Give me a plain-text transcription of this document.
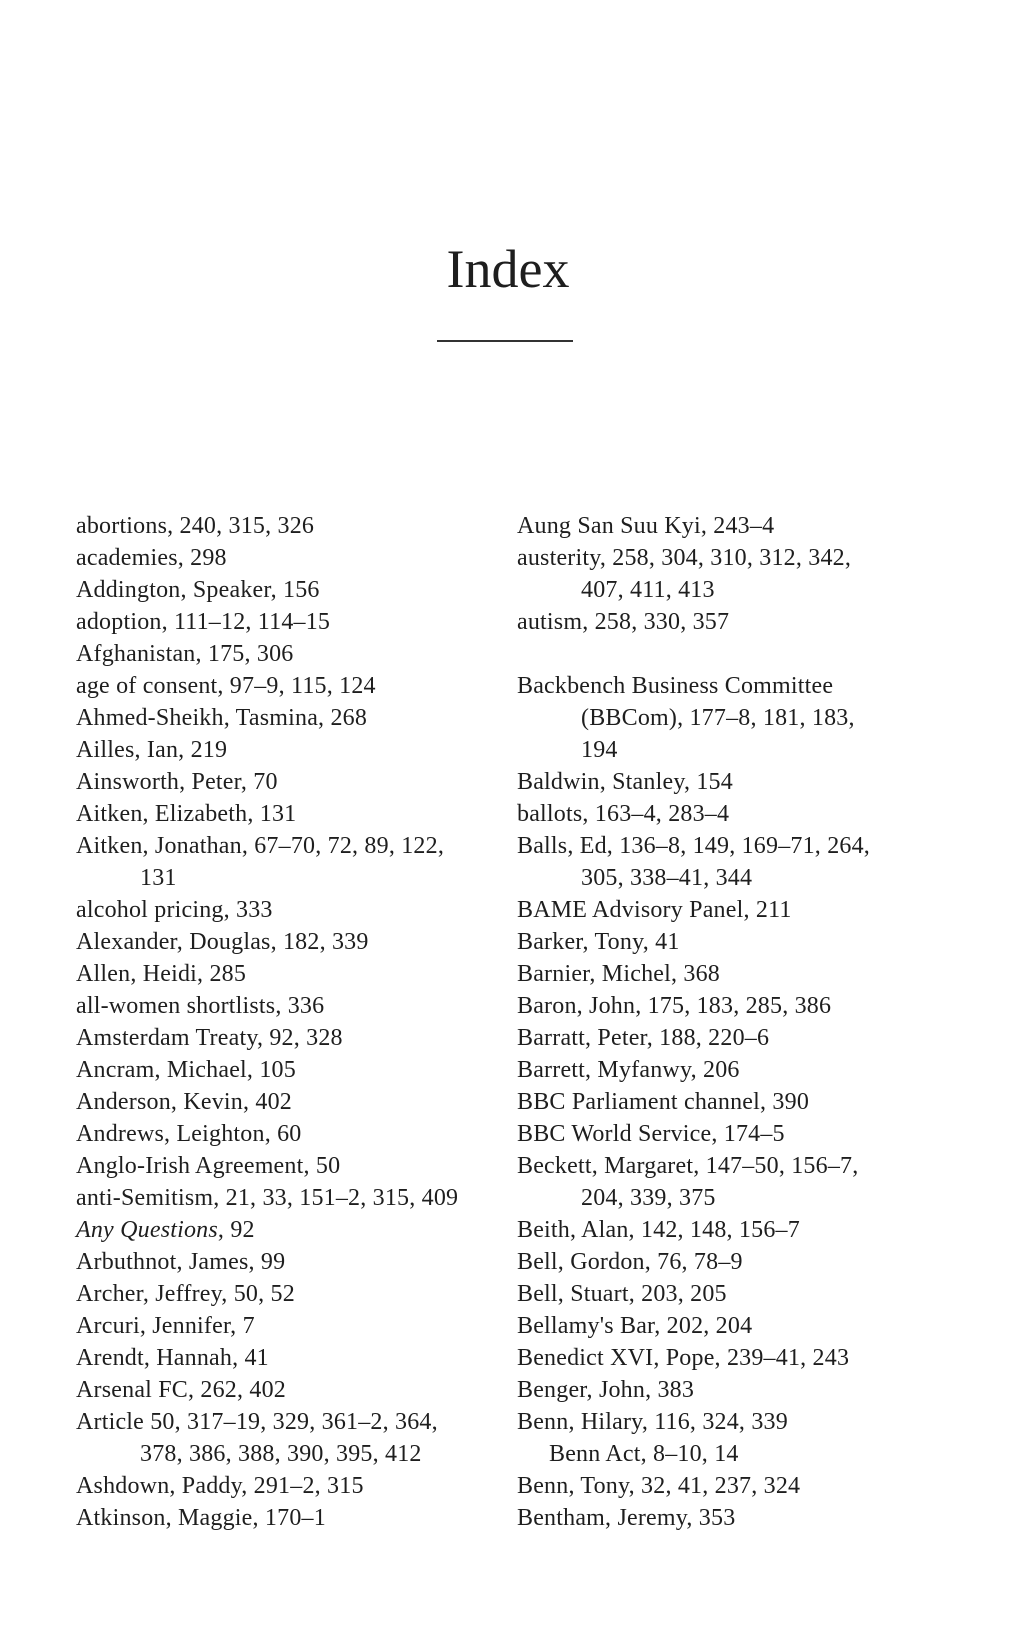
Index
abortions, 240, 315, 326
academies, 298
Addington, Speaker, 156
adoption, 111–12, 114–15
Afghanistan, 175, 306
age of consent, 97–9, 115, 124
Ahmed-Sheikh, Tasmina, 268
Ailles, Ian, 219
Ainsworth, Peter, 70
Aitken, Elizabeth, 131
Aitken, Jonathan, 67–70, 72, 89, 122,
131
alcohol pricing, 333
Alexander, Douglas, 182, 339
Allen, Heidi, 285
all-women shortlists, 336
Amsterdam Treaty, 92, 328
Ancram, Michael, 105
Anderson, Kevin, 402
Andrews, Leighton, 60
Anglo-Irish Agreement, 50
anti-Semitism, 21, 33, 151–2, 315, 409
Any Questions, 92
Arbuthnot, James, 99
Archer, Jeffrey, 50, 52
Arcuri, Jennifer, 7
Arendt, Hannah, 41
Arsenal FC, 262, 402
Article 50, 317–19, 329, 361–2, 364,
378, 386, 388, 390, 395, 412
Ashdown, Paddy, 291–2, 315
Atkinson, Maggie, 170–1
Aung San Suu Kyi, 243–4
austerity, 258, 304, 310, 312, 342,
407, 411, 413
autism, 258, 330, 357
Backbench Business Committee
(BBCom), 177–8, 181, 183,
194
Baldwin, Stanley, 154
ballots, 163–4, 283–4
Balls, Ed, 136–8, 149, 169–71, 264,
305, 338–41, 344
BAME Advisory Panel, 211
Barker, Tony, 41
Barnier, Michel, 368
Baron, John, 175, 183, 285, 386
Barratt, Peter, 188, 220–6
Barrett, Myfanwy, 206
BBC Parliament channel, 390
BBC World Service, 174–5
Beckett, Margaret, 147–50, 156–7,
204, 339, 375
Beith, Alan, 142, 148, 156–7
Bell, Gordon, 76, 78–9
Bell, Stuart, 203, 205
Bellamy's Bar, 202, 204
Benedict XVI, Pope, 239–41, 243
Benger, John, 383
Benn, Hilary, 116, 324, 339
Benn Act, 8–10, 14
Benn, Tony, 32, 41, 237, 324
Bentham, Jeremy, 353
